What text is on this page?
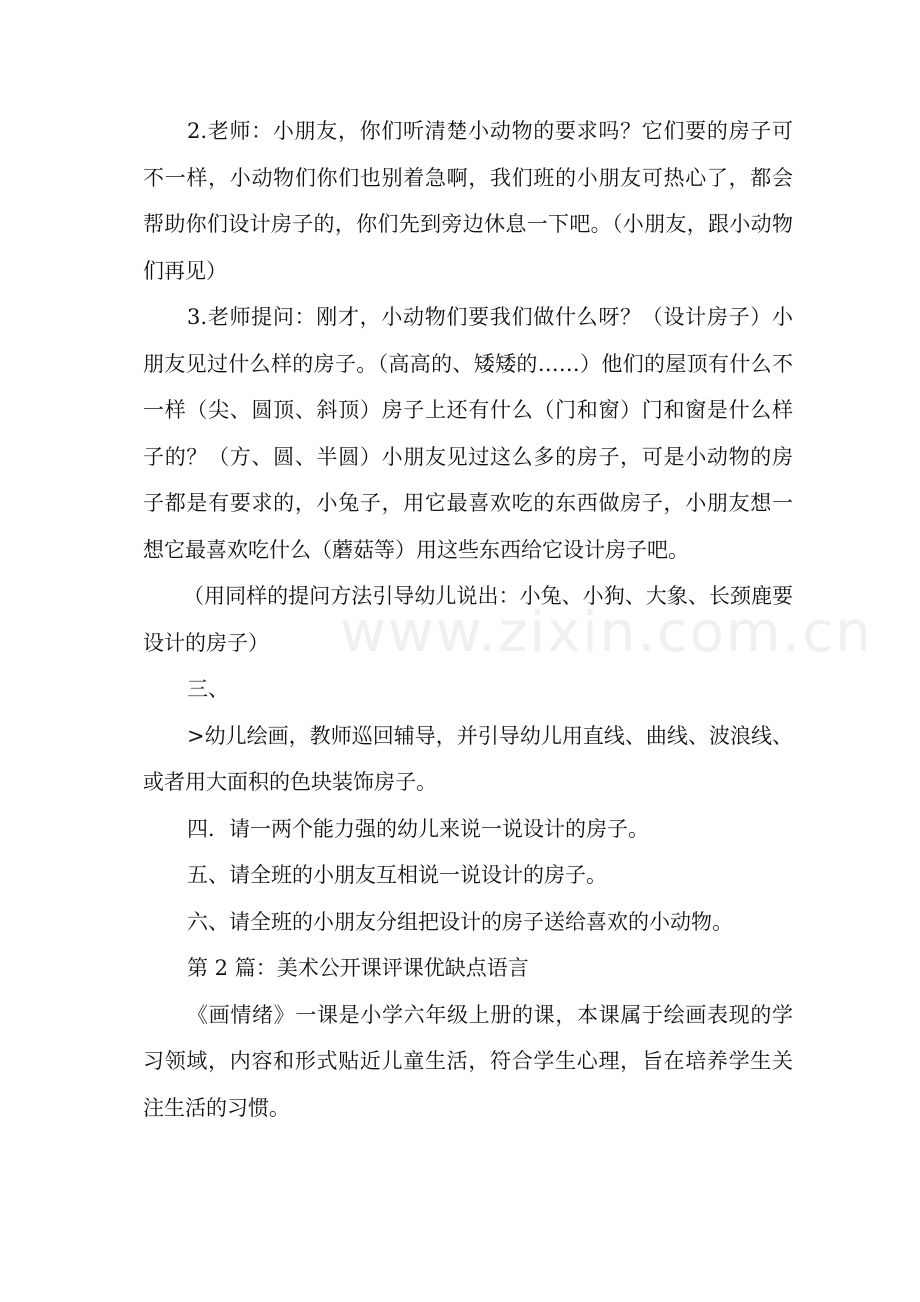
www.zixin.com.cn

2.老师：小朋友，你们听清楚小动物的要求吗？它们要的房子可不一样，小动物们你们也别着急啊，我们班的小朋友可热心了，都会帮助你们设计房子的，你们先到旁边休息一下吧。（小朋友，跟小动物们再见）

3.老师提问：刚才，小动物们要我们做什么呀？（设计房子）小朋友见过什么样的房子。（高高的、矮矮的……）他们的屋顶有什么不一样（尖、圆顶、斜顶）房子上还有什么（门和窗）门和窗是什么样子的？（方、圆、半圆）小朋友见过这么多的房子，可是小动物的房子都是有要求的，小兔子，用它最喜欢吃的东西做房子，小朋友想一想它最喜欢吃什么（蘑菇等）用这些东西给它设计房子吧。

（用同样的提问方法引导幼儿说出：小兔、小狗、大象、长颈鹿要设计的房子）

三、

>幼儿绘画，教师巡回辅导，并引导幼儿用直线、曲线、波浪线、或者用大面积的色块装饰房子。

四．请一两个能力强的幼儿来说一说设计的房子。

五、请全班的小朋友互相说一说设计的房子。

六、请全班的小朋友分组把设计的房子送给喜欢的小动物。

第 2 篇：美术公开课评课优缺点语言

《画情绪》一课是小学六年级上册的课，本课属于绘画表现的学习领域，内容和形式贴近儿童生活，符合学生心理，旨在培养学生关注生活的习惯。
